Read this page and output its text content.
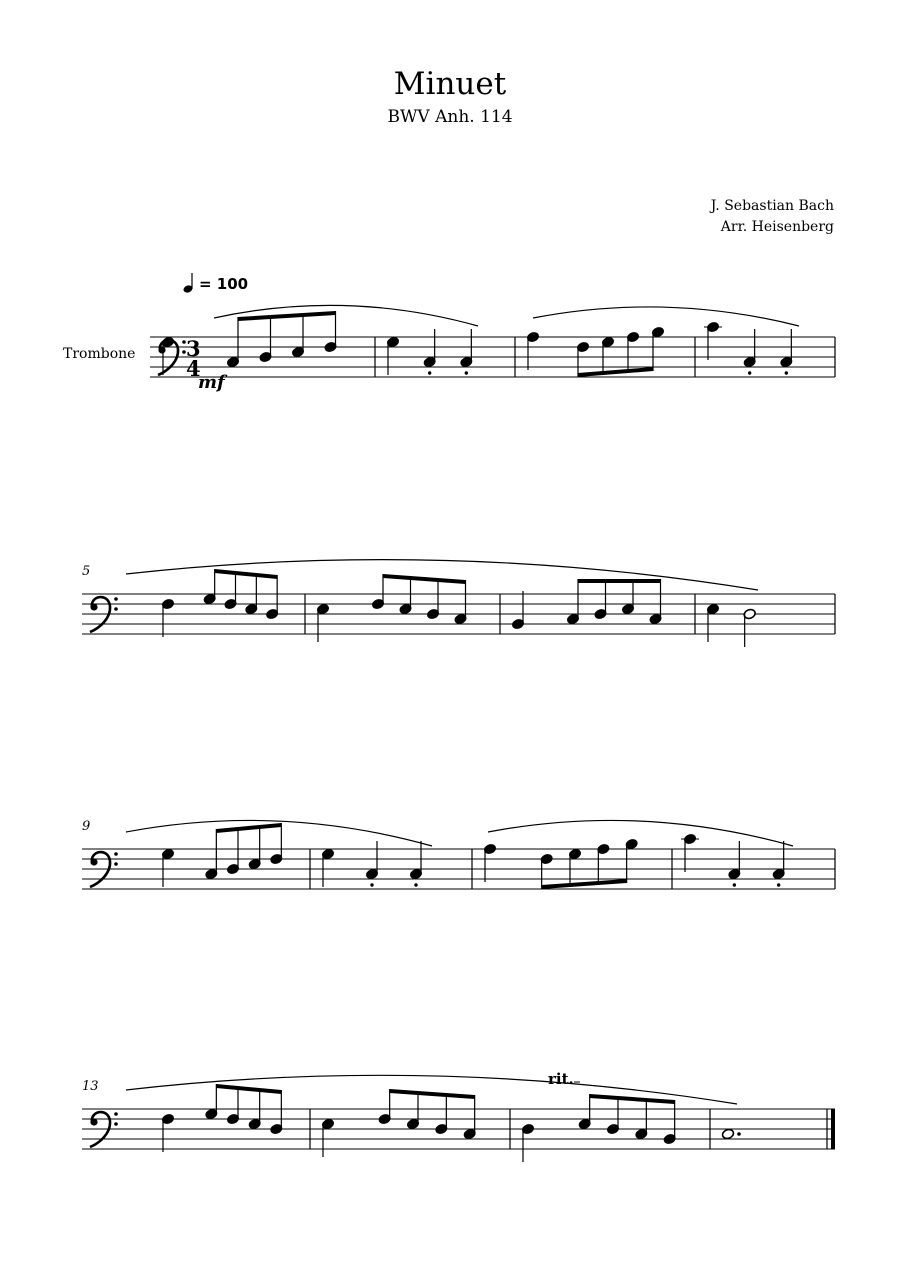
Minuet
BWV Anh. 114
J. Sebastian Bach
Arr. Heisenberg
= 100
Trombone 3
4
5
9
13
mf
rit.
